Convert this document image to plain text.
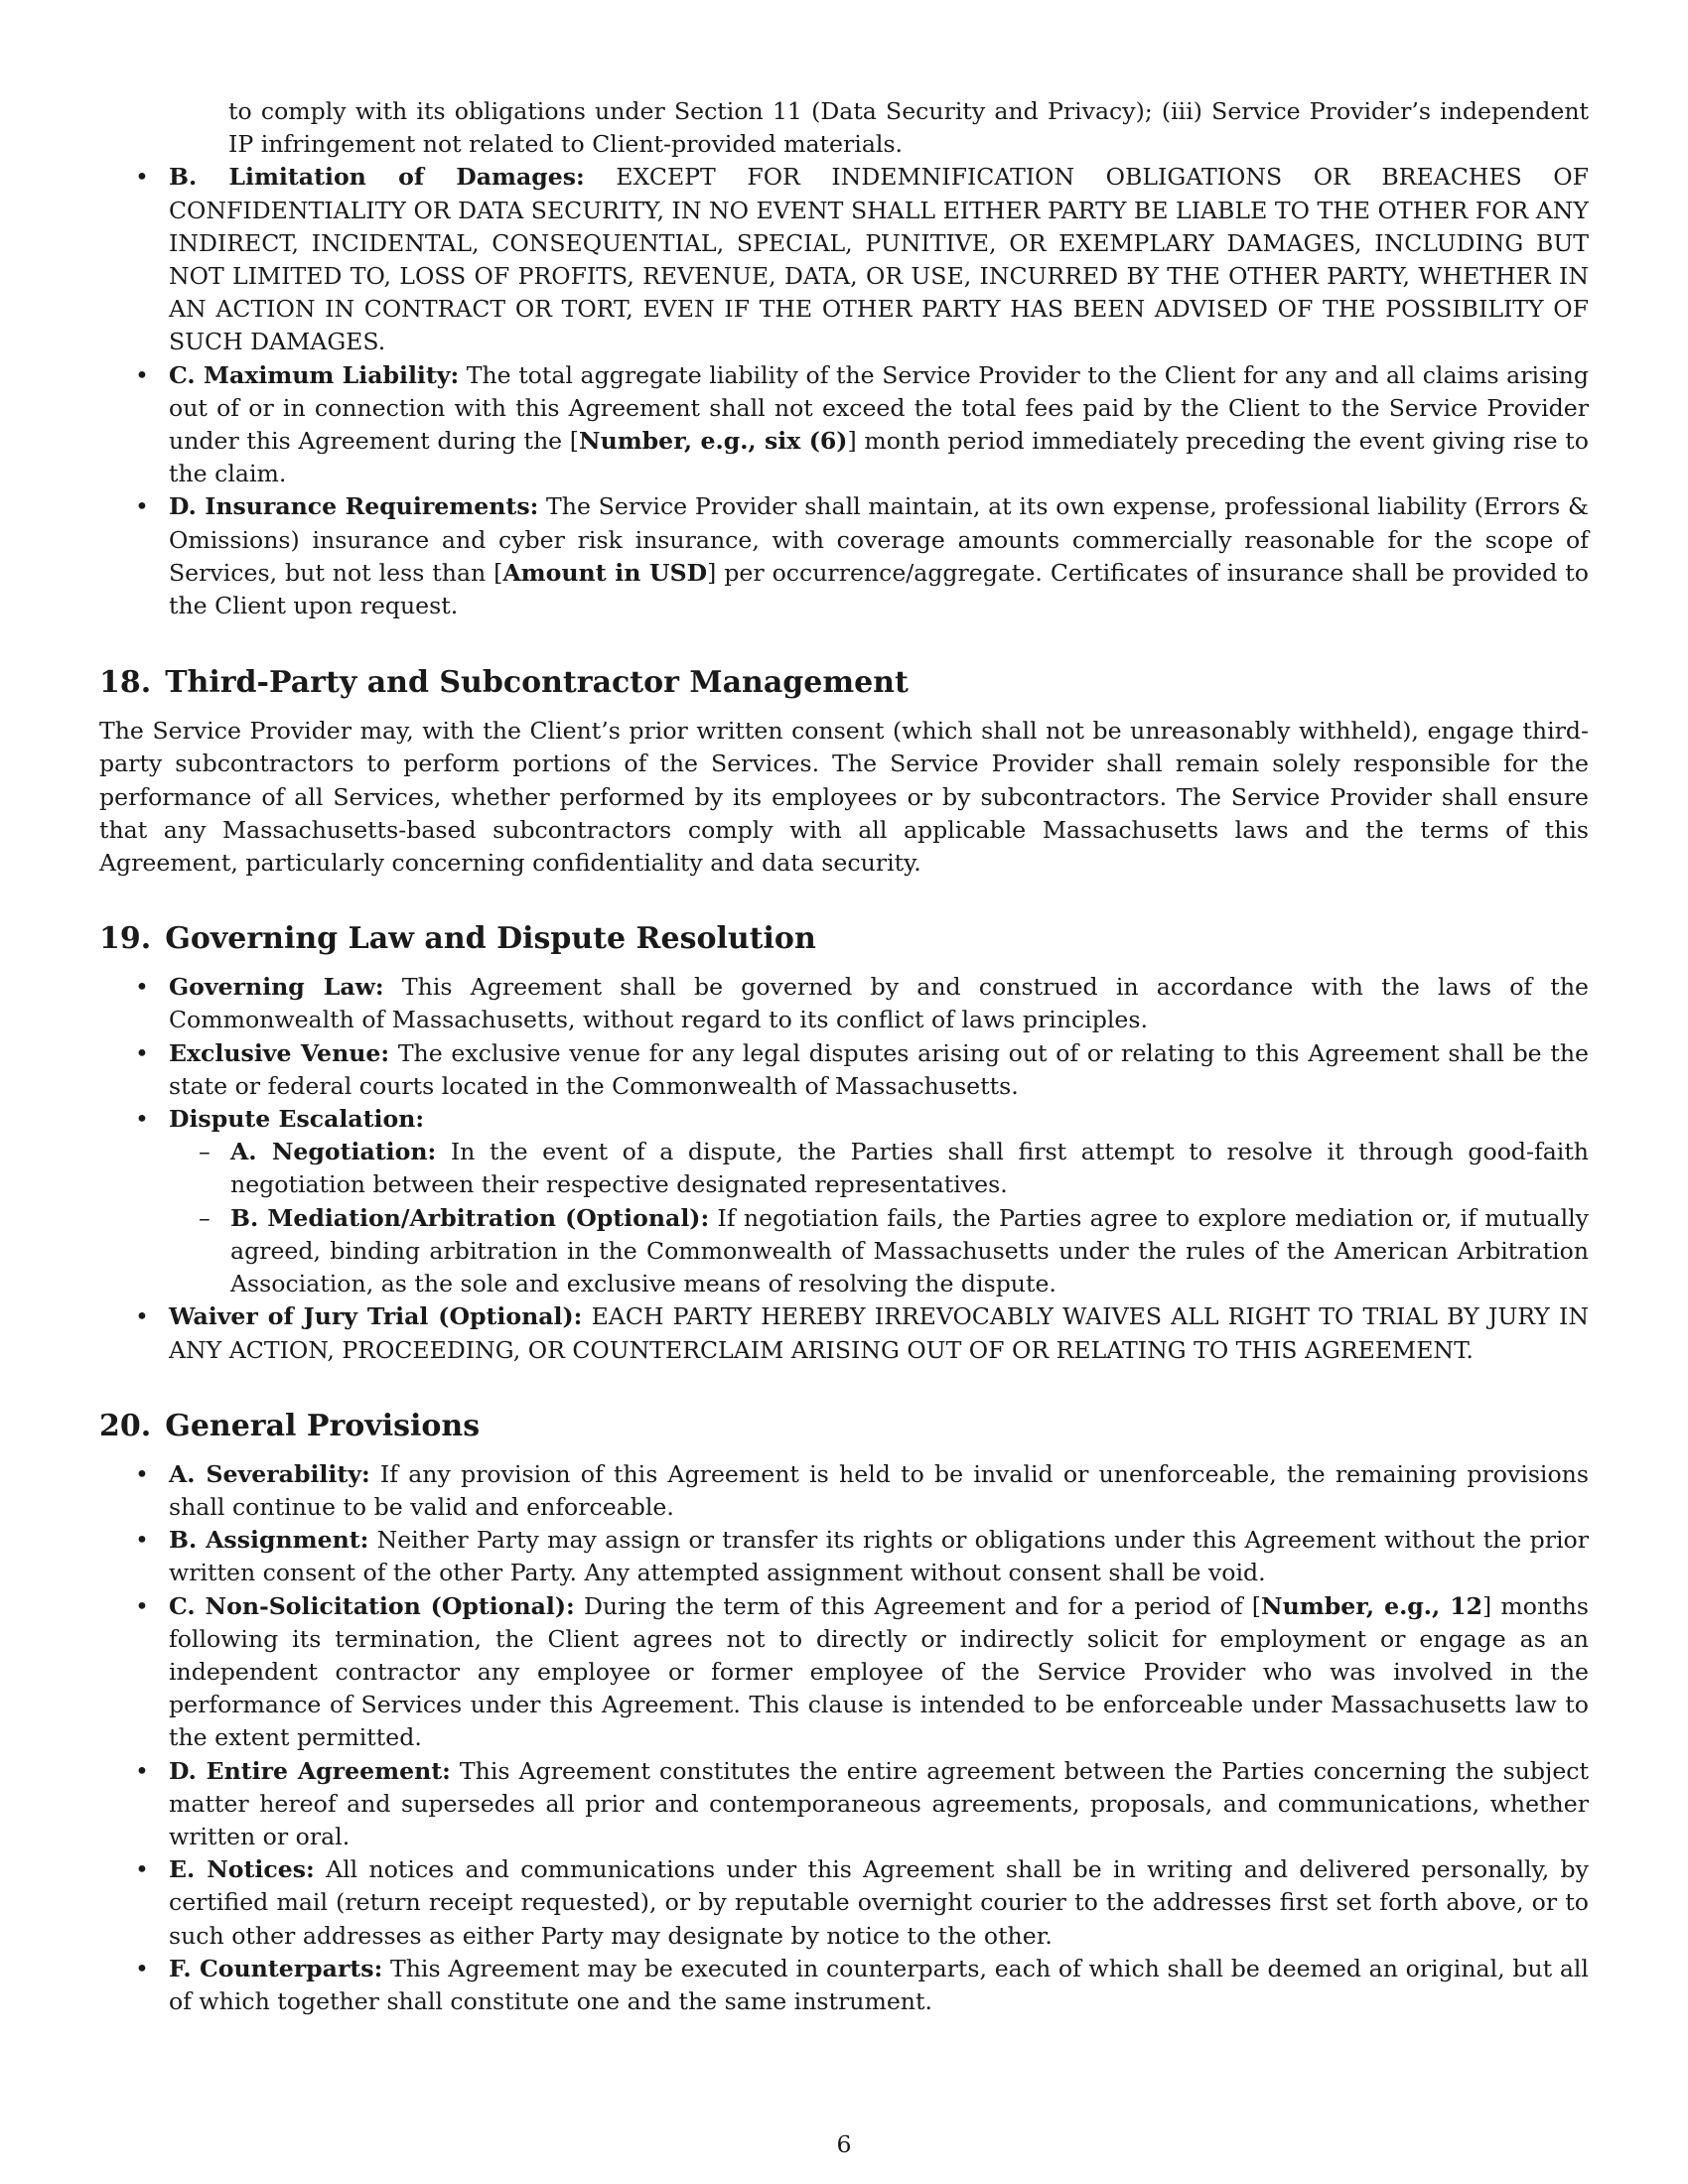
to comply with its obligations under Section 11 (Data Security and Privacy); (iii) Service Provider’s independent IP infringement not related to Client-provided materials.

• B. Limitation of Damages: EXCEPT FOR INDEMNIFICATION OBLIGATIONS OR BREACHES OF CONFIDENTIALITY OR DATA SECURITY, IN NO EVENT SHALL EITHER PARTY BE LIABLE TO THE OTHER FOR ANY INDIRECT, INCIDENTAL, CONSEQUENTIAL, SPECIAL, PUNITIVE, OR EXEMPLARY DAMAGES, INCLUDING BUT NOT LIMITED TO, LOSS OF PROFITS, REVENUE, DATA, OR USE, INCURRED BY THE OTHER PARTY, WHETHER IN AN ACTION IN CONTRACT OR TORT, EVEN IF THE OTHER PARTY HAS BEEN ADVISED OF THE POSSIBILITY OF SUCH DAMAGES.
• C. Maximum Liability: The total aggregate liability of the Service Provider to the Client for any and all claims arising out of or in connection with this Agreement shall not exceed the total fees paid by the Client to the Service Provider under this Agreement during the [Number, e.g., six (6)] month period immediately preceding the event giving rise to the claim.
• D. Insurance Requirements: The Service Provider shall maintain, at its own expense, professional liability (Errors & Omissions) insurance and cyber risk insurance, with coverage amounts commercially reasonable for the scope of Services, but not less than [Amount in USD] per occurrence/aggregate. Certificates of insurance shall be provided to the Client upon request.
18. Third-Party and Subcontractor Management

The Service Provider may, with the Client’s prior written consent (which shall not be unreasonably withheld), engage third-party subcontractors to perform portions of the Services. The Service Provider shall remain solely responsible for the performance of all Services, whether performed by its employees or by subcontractors. The Service Provider shall ensure that any Massachusetts-based subcontractors comply with all applicable Massachusetts laws and the terms of this Agreement, particularly concerning confidentiality and data security.

19. Governing Law and Dispute Resolution
• Governing Law: This Agreement shall be governed by and construed in accordance with the laws of the Commonwealth of Massachusetts, without regard to its conflict of laws principles.
• Exclusive Venue: The exclusive venue for any legal disputes arising out of or relating to this Agreement shall be the state or federal courts located in the Commonwealth of Massachusetts.
• Dispute Escalation:
– A. Negotiation: In the event of a dispute, the Parties shall first attempt to resolve it through good-faith negotiation between their respective designated representatives.
– B. Mediation/Arbitration (Optional): If negotiation fails, the Parties agree to explore mediation or, if mutually agreed, binding arbitration in the Commonwealth of Massachusetts under the rules of the American Arbitration Association, as the sole and exclusive means of resolving the dispute.
• Waiver of Jury Trial (Optional): EACH PARTY HEREBY IRREVOCABLY WAIVES ALL RIGHT TO TRIAL BY JURY IN ANY ACTION, PROCEEDING, OR COUNTERCLAIM ARISING OUT OF OR RELATING TO THIS AGREEMENT.
20. General Provisions
• A. Severability: If any provision of this Agreement is held to be invalid or unenforceable, the remaining provisions shall continue to be valid and enforceable.
• B. Assignment: Neither Party may assign or transfer its rights or obligations under this Agreement without the prior written consent of the other Party. Any attempted assignment without consent shall be void.
• C. Non-Solicitation (Optional): During the term of this Agreement and for a period of [Number, e.g., 12] months following its termination, the Client agrees not to directly or indirectly solicit for employment or engage as an independent contractor any employee or former employee of the Service Provider who was involved in the performance of Services under this Agreement. This clause is intended to be enforceable under Massachusetts law to the extent permitted.
• D. Entire Agreement: This Agreement constitutes the entire agreement between the Parties concerning the subject matter hereof and supersedes all prior and contemporaneous agreements, proposals, and communications, whether written or oral.
• E. Notices: All notices and communications under this Agreement shall be in writing and delivered personally, by certified mail (return receipt requested), or by reputable overnight courier to the addresses first set forth above, or to such other addresses as either Party may designate by notice to the other.
• F. Counterparts: This Agreement may be executed in counterparts, each of which shall be deemed an original, but all of which together shall constitute one and the same instrument.
6
